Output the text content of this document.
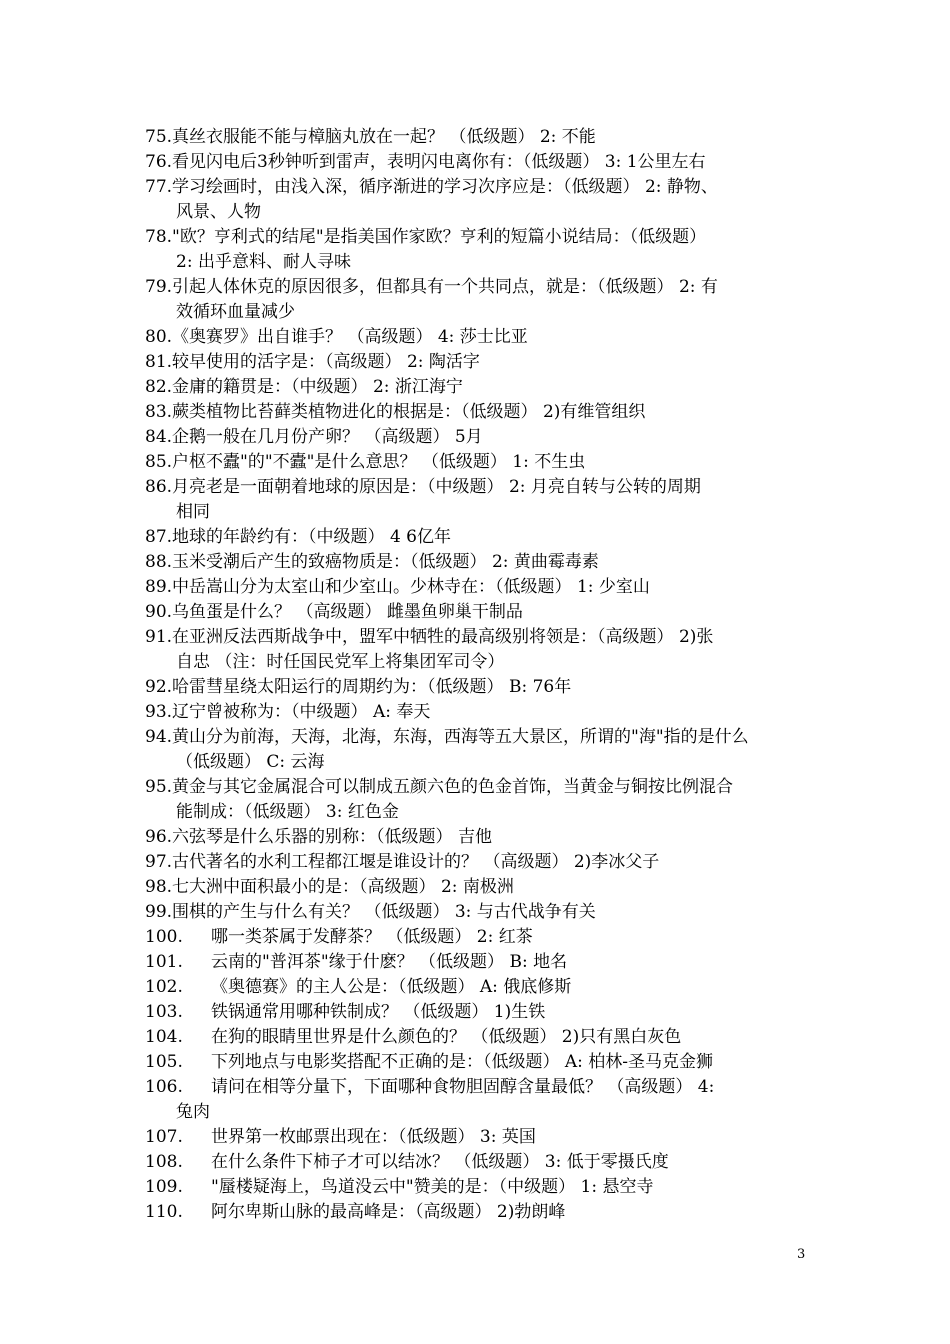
75. 真丝衣服能不能与樟脑丸放在一起？ （低级题） 2: 不能
76. 看见闪电后3秒钟听到雷声，表明闪电离你有：（低级题） 3: 1公里左右
77. 学习绘画时，由浅入深，循序渐进的学习次序应是：（低级题） 2: 静物、
风景、人物
78. "欧？亨利式的结尾"是指美国作家欧？亨利的短篇小说结局：（低级题）
2: 出乎意料、耐人寻味
79. 引起人体休克的原因很多，但都具有一个共同点，就是：（低级题） 2: 有
效循环血量减少
80. 《奥赛罗》出自谁手？ （高级题） 4: 莎士比亚
81. 较早使用的活字是：（高级题） 2: 陶活字
82. 金庸的籍贯是：（中级题） 2: 浙江海宁
83. 蕨类植物比苔藓类植物进化的根据是：（低级题） 2)有维管组织
84. 企鹅一般在几月份产卵？ （高级题） 5月
85. 户枢不蠹"的"不蠹"是什么意思？ （低级题） 1: 不生虫
86. 月亮老是一面朝着地球的原因是：（中级题） 2: 月亮自转与公转的周期
相同
87. 地球的年龄约有：（中级题） 4 6亿年
88. 玉米受潮后产生的致癌物质是：（低级题） 2: 黄曲霉毒素
89. 中岳嵩山分为太室山和少室山。少林寺在：（低级题） 1: 少室山
90. 乌鱼蛋是什么？ （高级题） 雌墨鱼卵巢干制品
91. 在亚洲反法西斯战争中，盟军中牺牲的最高级别将领是：（高级题） 2)张
自忠 （注：时任国民党军上将集团军司令）
92. 哈雷彗星绕太阳运行的周期约为：（低级题） B: 76年
93. 辽宁曾被称为：（中级题） A: 奉天
94. 黄山分为前海，天海，北海，东海，西海等五大景区，所谓的"海"指的是什么
（低级题） C: 云海
95. 黄金与其它金属混合可以制成五颜六色的色金首饰，当黄金与铜按比例混合
能制成：（低级题） 3: 红色金
96. 六弦琴是什么乐器的别称：（低级题） 吉他
97. 古代著名的水利工程都江堰是谁设计的？ （高级题） 2)李冰父子
98. 七大洲中面积最小的是：（高级题） 2: 南极洲
99. 围棋的产生与什么有关？ （低级题） 3: 与古代战争有关
100.	哪一类茶属于发酵茶？ （低级题） 2: 红茶
101.	云南的"普洱茶"缘于什麽？ （低级题） B: 地名
102.	《奥德赛》的主人公是：（低级题） A: 俄底修斯
103.	铁锅通常用哪种铁制成？ （低级题） 1)生铁
104.	在狗的眼睛里世界是什么颜色的？ （低级题） 2)只有黑白灰色
105.	下列地点与电影奖搭配不正确的是：（低级题） A: 柏林-圣马克金狮
106.	请问在相等分量下，下面哪种食物胆固醇含量最低？ （高级题） 4:
兔肉
107.	世界第一枚邮票出现在：（低级题） 3: 英国
108.	在什么条件下柿子才可以结冰？ （低级题） 3: 低于零摄氏度
109.	"蜃楼疑海上，鸟道没云中"赞美的是：（中级题） 1: 悬空寺
110.	阿尔卑斯山脉的最高峰是：（高级题） 2)勃朗峰
3
